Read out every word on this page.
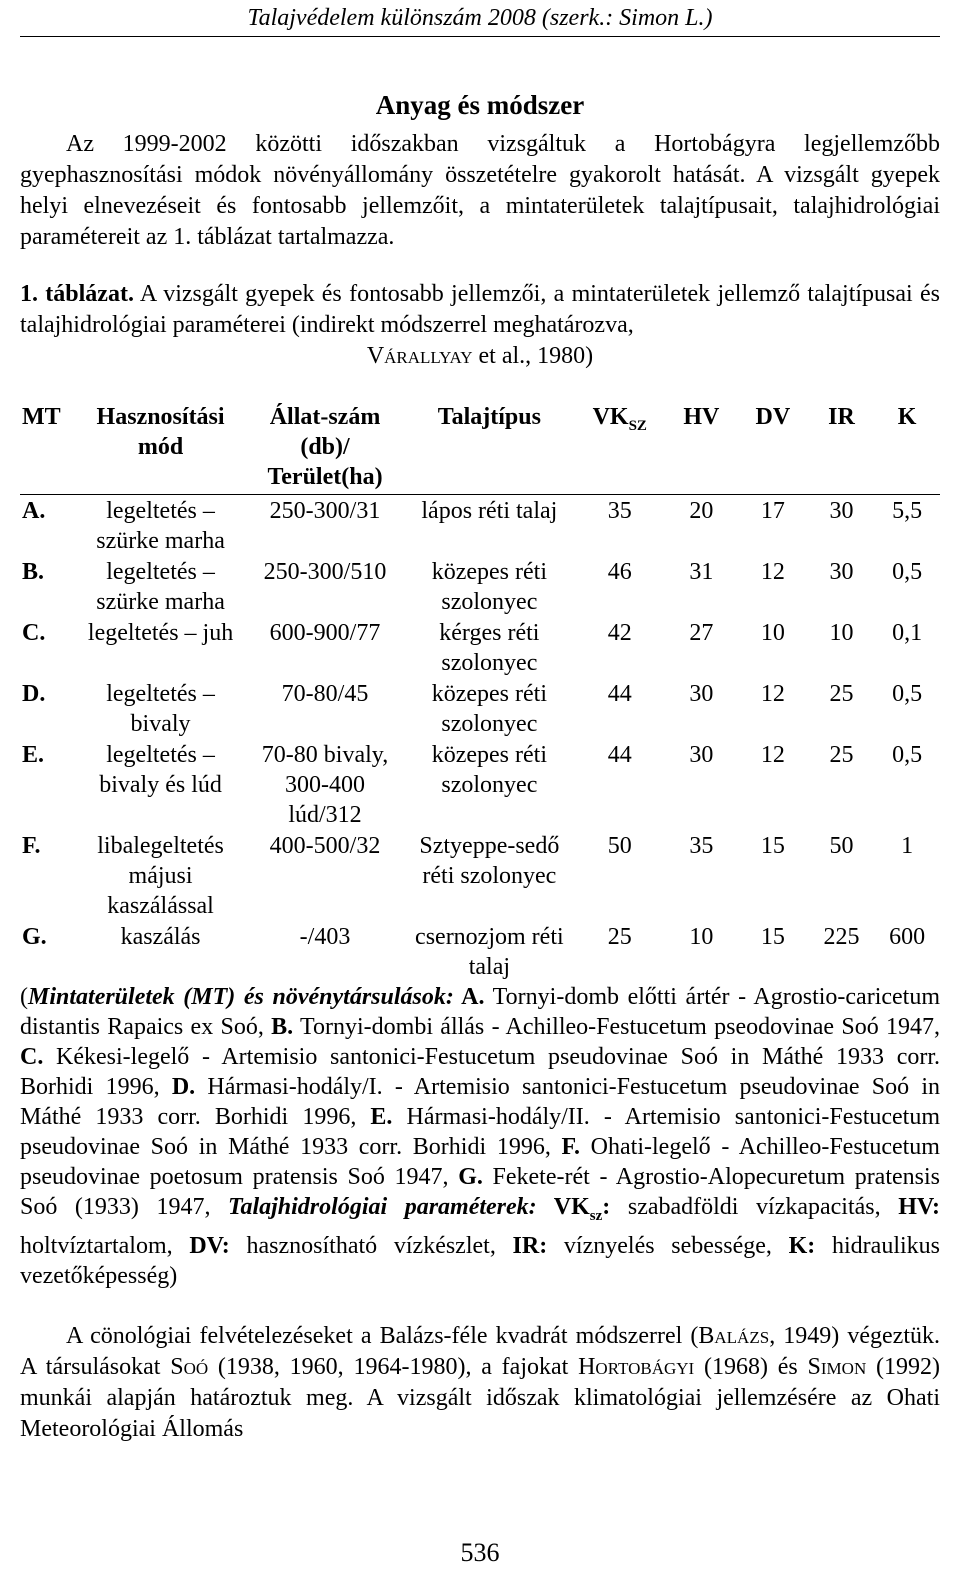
Talajvédelem különszám 2008 (szerk.: Simon L.)
Anyag és módszer

Az 1999-2002 közötti időszakban vizsgáltuk a Hortobágyra legjellemzőbb gyephasznosítási módok növényállomány összetételre gyakorolt hatását. A vizsgált gyepek helyi elnevezéseit és fontosabb jellemzőit, a mintaterületek talajtípusait, talajhidrológiai paramétereit az 1. táblázat tartalmazza.

1. táblázat. A vizsgált gyepek és fontosabb jellemzői, a mintaterületek jellemző talajtípusai és talajhidrológiai paraméterei (indirekt módszerrel meghatározva,
Várallyay et al., 1980)
MT	Hasznosítási mód	Állat-szám (db)/ Terület(ha)	Talajtípus	$VK_{SZ}$	HV	DV	IR	K
A.	legeltetés – szürke marha	250-300/31	lápos réti talaj	35	20	17	30	5,5
B.	legeltetés – szürke marha	250-300/510	közepes réti szolonyec	46	31	12	30	0,5
C.	legeltetés – juh	600-900/77	kérges réti szolonyec	42	27	10	10	0,1
D.	legeltetés – bivaly	70-80/45	közepes réti szolonyec	44	30	12	25	0,5
E.	legeltetés – bivaly és lúd	70-80 bivaly, 300-400 lúd/312	közepes réti szolonyec	44	30	12	25	0,5
F.	libalegeltetés májusi kaszálással	400-500/32	Sztyeppe-sedő réti szolonyec	50	35	15	50	1
G.	kaszálás	-/403	csernozjom réti talaj	25	10	15	225	600

(Mintaterületek (MT) és növénytársulások: A. Tornyi-domb előtti ártér - Agrostio-caricetum distantis Rapaics ex Soó, B. Tornyi-dombi állás - Achilleo-Festucetum pseodovinae Soó 1947, C. Kékesi-legelő - Artemisio santonici-Festucetum pseudovinae Soó in Máthé 1933 corr. Borhidi 1996, D. Hármasi-hodály/I. - Artemisio santonici-Festucetum pseudovinae Soó in Máthé 1933 corr. Borhidi 1996, E. Hármasi-hodály/II. - Artemisio santonici-Festucetum pseudovinae Soó in Máthé 1933 corr. Borhidi 1996, F. Ohati-legelő - Achilleo-Festucetum pseudovinae poetosum pratensis Soó 1947, G. Fekete-rét - Agrostio-Alopecuretum pratensis Soó (1933) 1947, Talajhidrológiai paraméterek: $VK_{sz}$: szabadföldi vízkapacitás, HV: holtvíztartalom, DV: hasznosítható vízkészlet, IR: víznyelés sebessége, K: hidraulikus vezetőképesség)

A cönológiai felvételezéseket a Balázs-féle kvadrát módszerrel (Balázs, 1949) végeztük. A társulásokat Soó (1938, 1960, 1964-1980), a fajokat Hortobágyi (1968) és Simon (1992) munkái alapján határoztuk meg. A vizsgált időszak klimatológiai jellemzésére az Ohati Meteorológiai Állomás

536
